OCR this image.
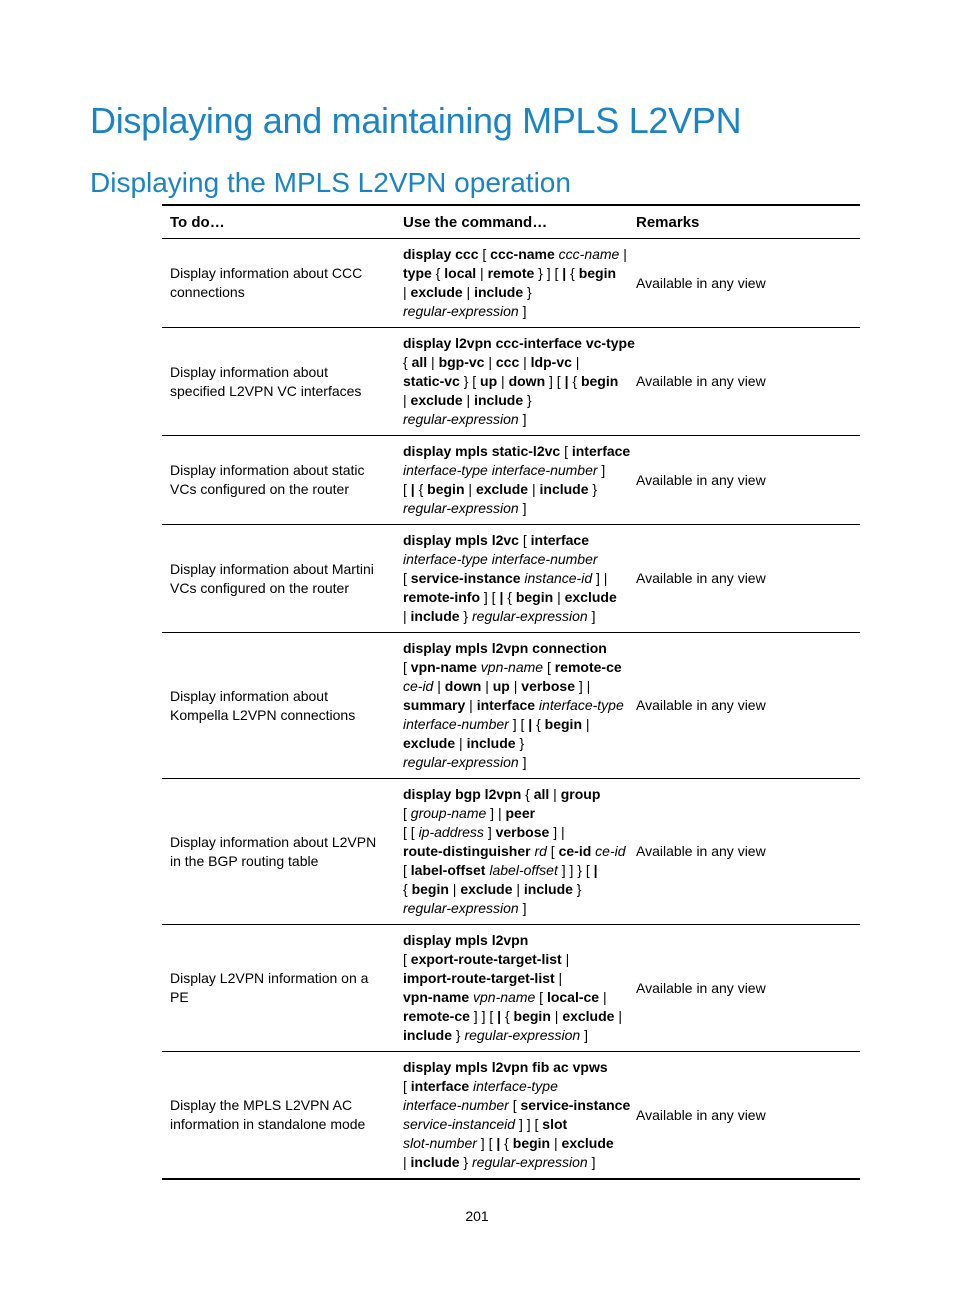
Displaying and maintaining MPLS L2VPN
Displaying the MPLS L2VPN operation
To do…	Use the command…	Remarks
Display information about CCC connections
display ccc [ ccc-name ccc-name |
type { local | remote } ] [ | { begin
| exclude | include }
regular-expression ]
Available in any view
Display information about specified L2VPN VC interfaces
display l2vpn ccc-interface vc-type
{ all | bgp-vc | ccc | ldp-vc |
static-vc } [ up | down ] [ | { begin
| exclude | include }
regular-expression ]
Available in any view
Display information about static VCs configured on the router
display mpls static-l2vc [ interface
interface-type interface-number ]
[ | { begin | exclude | include }
regular-expression ]
Available in any view
Display information about Martini VCs configured on the router
display mpls l2vc [ interface
interface-type interface-number
[ service-instance instance-id ] |
remote-info ] [ | { begin | exclude
| include } regular-expression ]
Available in any view
Display information about Kompella L2VPN connections
display mpls l2vpn connection
[ vpn-name vpn-name [ remote-ce
ce-id | down | up | verbose ] |
summary | interface interface-type
interface-number ] [ | { begin |
exclude | include }
regular-expression ]
Available in any view
Display information about L2VPN in the BGP routing table
display bgp l2vpn { all | group
[ group-name ] | peer
[ [ ip-address ] verbose ] |
route-distinguisher rd [ ce-id ce-id
[ label-offset label-offset ] ] } [ |
{ begin | exclude | include }
regular-expression ]
Available in any view
Display L2VPN information on a PE
display mpls l2vpn
[ export-route-target-list |
import-route-target-list |
vpn-name vpn-name [ local-ce |
remote-ce ] ] [ | { begin | exclude |
include } regular-expression ]
Available in any view
Display the MPLS L2VPN AC information in standalone mode
display mpls l2vpn fib ac vpws
[ interface interface-type
interface-number [ service-instance
service-instanceid ] ] [ slot
slot-number ] [ | { begin | exclude
| include } regular-expression ]
Available in any view
201
